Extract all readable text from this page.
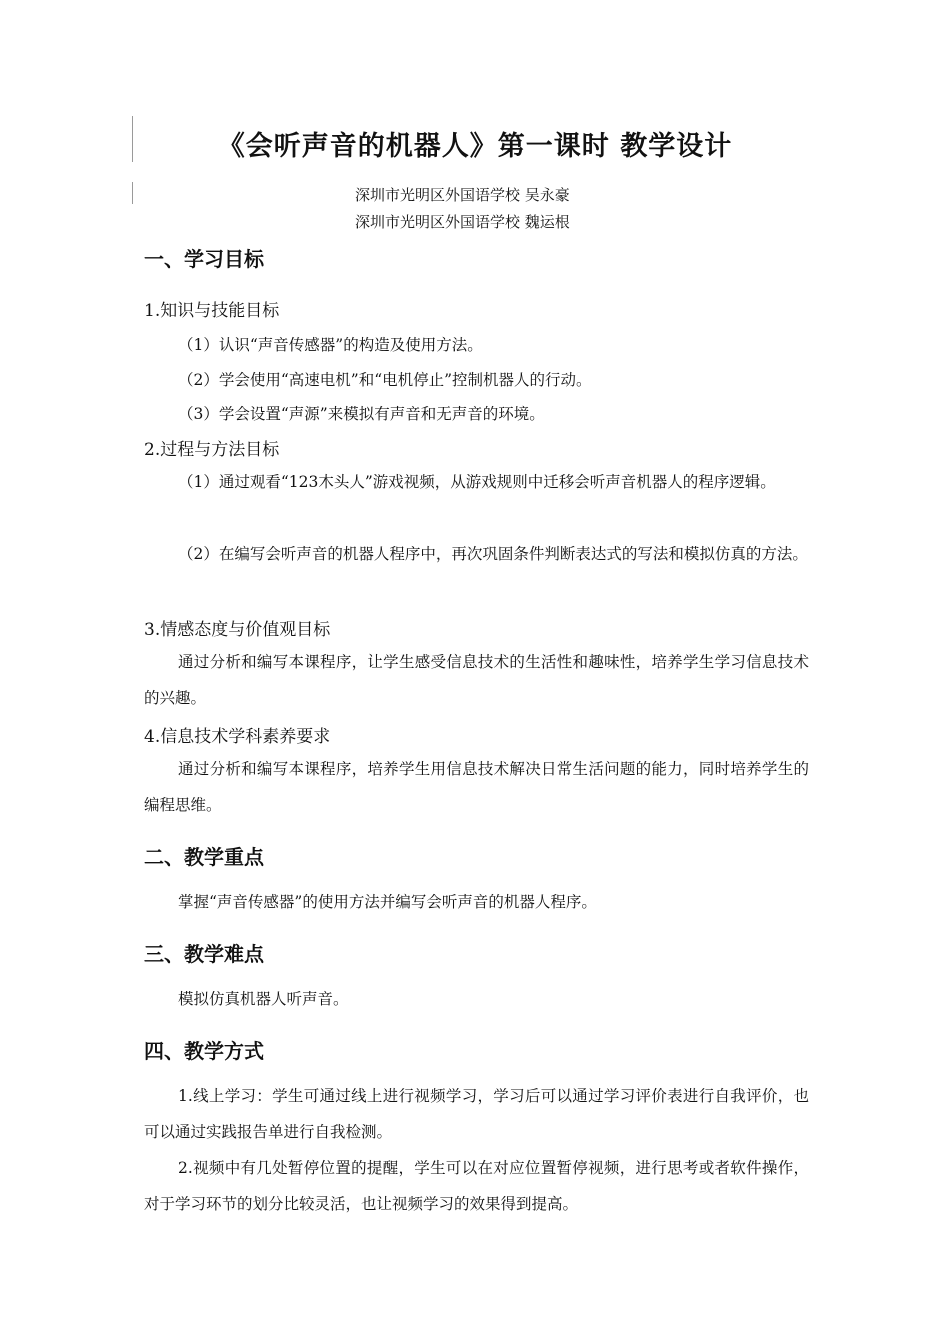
《会听声音的机器人》第一课时 教学设计
深圳市光明区外国语学校 吴永豪
深圳市光明区外国语学校 魏运根
一、学习目标
1.知识与技能目标
（1）认识“声音传感器”的构造及使用方法。
（2）学会使用“高速电机”和“电机停止”控制机器人的行动。
（3）学会设置“声源”来模拟有声音和无声音的环境。
2.过程与方法目标
（1）通过观看“123木头人”游戏视频，从游戏规则中迁移会听声音机器人的程序逻辑。
（2）在编写会听声音的机器人程序中，再次巩固条件判断表达式的写法和模拟仿真的方法。
3.情感态度与价值观目标
通过分析和编写本课程序，让学生感受信息技术的生活性和趣味性，培养学生学习信息技术的兴趣。
4.信息技术学科素养要求
通过分析和编写本课程序，培养学生用信息技术解决日常生活问题的能力，同时培养学生的编程思维。
二、教学重点
掌握“声音传感器”的使用方法并编写会听声音的机器人程序。
三、教学难点
模拟仿真机器人听声音。
四、教学方式
1.线上学习：学生可通过线上进行视频学习，学习后可以通过学习评价表进行自我评价，也可以通过实践报告单进行自我检测。
2.视频中有几处暂停位置的提醒，学生可以在对应位置暂停视频，进行思考或者软件操作，对于学习环节的划分比较灵活，也让视频学习的效果得到提高。
